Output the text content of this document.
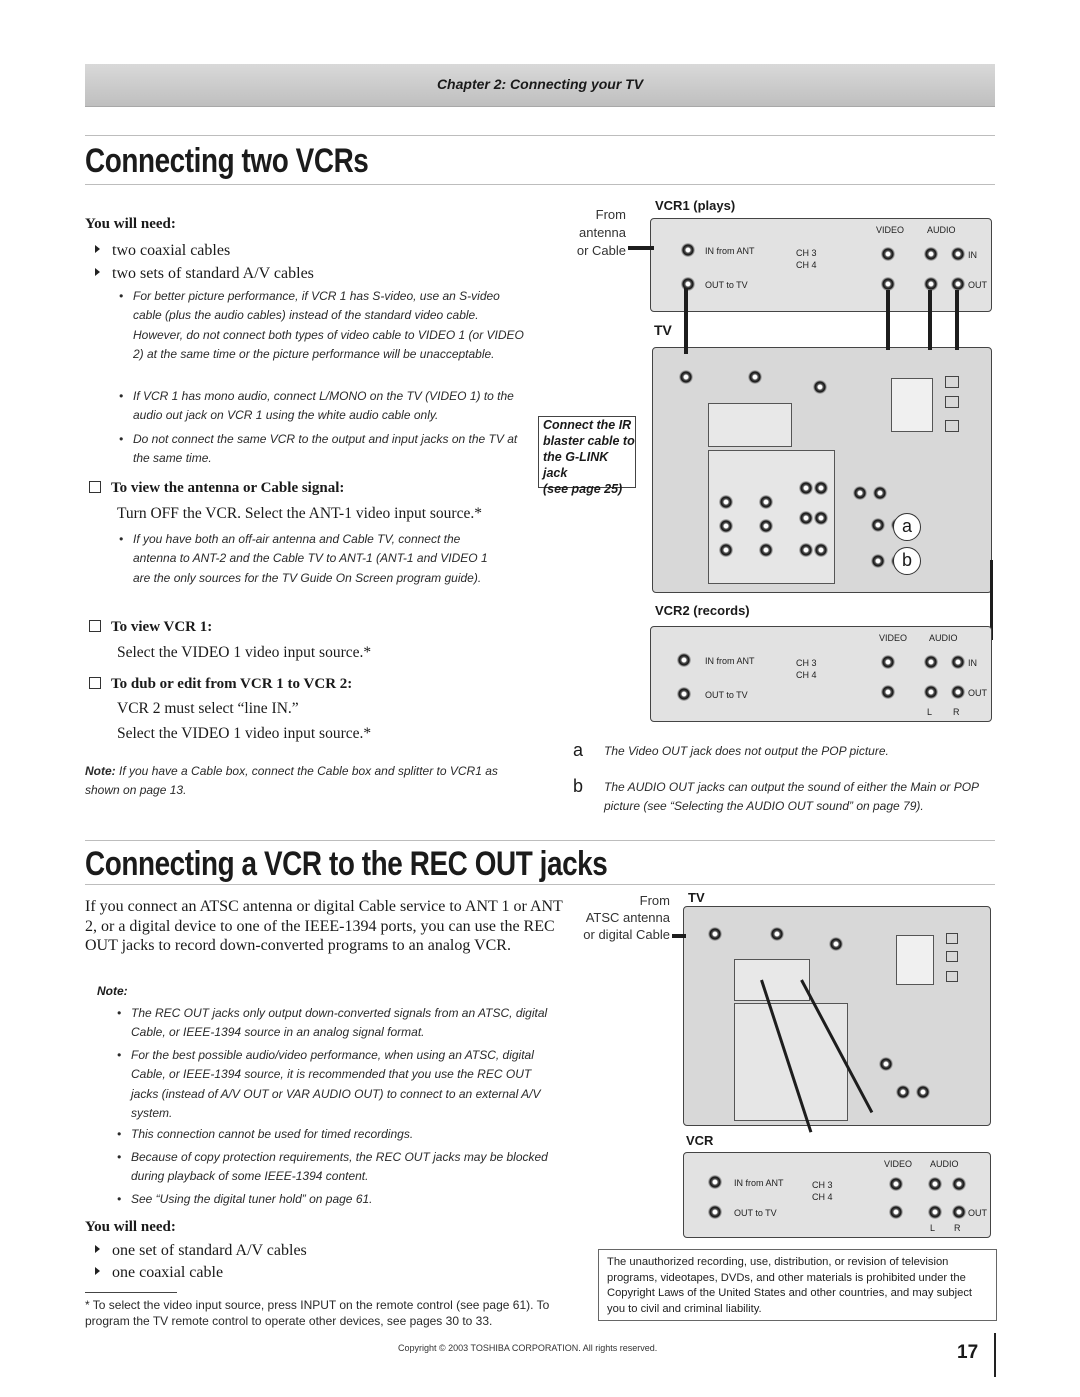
Chapter 2: Connecting your TV
Connecting two VCRs
You will need:
two coaxial cables
two sets of standard A/V cables
• For better picture performance, if VCR 1 has S-video, use an S-video cable (plus the audio cables) instead of the standard video cable. However, do not connect both types of video cable to VIDEO 1 (or VIDEO 2) at the same time or the picture performance will be unacceptable.
• If VCR 1 has mono audio, connect L/MONO on the TV (VIDEO 1) to the audio out jack on VCR 1 using the white audio cable only.
• Do not connect the same VCR to the output and input jacks on the TV at the same time.
To view the antenna or Cable signal:
Turn OFF the VCR. Select the ANT-1 video input source.*
• If you have both an off-air antenna and Cable TV, connect the antenna to ANT-2 and the Cable TV to ANT-1 (ANT-1 and VIDEO 1 are the only sources for the TV Guide On Screen program guide).
To view VCR 1:
Select the VIDEO 1 video input source.*
To dub or edit from VCR 1 to VCR 2:
VCR 2 must select “line IN.”
Select the VIDEO 1 video input source.*
Note: If you have a Cable box, connect the Cable box and splitter to VCR1 as shown on page 13.
From
antenna
or Cable
VCR1 (plays)
IN from ANT
OUT to TV
CH 3
CH 4
VIDEO	AUDIO
IN
OUT
TV
a
b
Connect the IR
blaster cable to
the G-LINK jack
(see page 25)
VCR2 (records)
IN from ANT
OUT to TV
CH 3
CH 4
VIDEO AUDIO
IN
OUT
L R
a The Video OUT jack does not output the POP picture.
b The AUDIO OUT jacks can output the sound of either the Main or POP picture (see “Selecting the AUDIO OUT sound” on page 79).
Connecting a VCR to the REC OUT jacks
If you connect an ATSC antenna or digital Cable service to ANT 1 or ANT 2, or a digital device to one of the IEEE-1394 ports, you can use the REC OUT jacks to record down-converted programs to an analog VCR.
Note:
• The REC OUT jacks only output down-converted signals from an ATSC, digital Cable, or IEEE-1394 source in an analog signal format.
• For the best possible audio/video performance, when using an ATSC, digital Cable, or IEEE-1394 source, it is recommended that you use the REC OUT jacks (instead of A/V OUT or VAR AUDIO OUT) to connect to an external A/V system.
• This connection cannot be used for timed recordings.
• Because of copy protection requirements, the REC OUT jacks may be blocked during playback of some IEEE-1394 content.
• See “Using the digital tuner hold” on page 61.
You will need:
one set of standard A/V cables
one coaxial cable
* To select the video input source, press INPUT on the remote control (see page 61). To program the TV remote control to operate other devices, see pages 30 to 33.
From
ATSC antenna
or digital Cable
TV
VCR
IN from ANT
OUT to TV
CH 3
CH 4
VIDEO AUDIO
OUT
L R
The unauthorized recording, use, distribution, or revision of television programs, videotapes, DVDs, and other materials is prohibited under the Copyright Laws of the United States and other countries, and may subject you to civil and criminal liability.
Copyright © 2003 TOSHIBA CORPORATION. All rights reserved.	17
